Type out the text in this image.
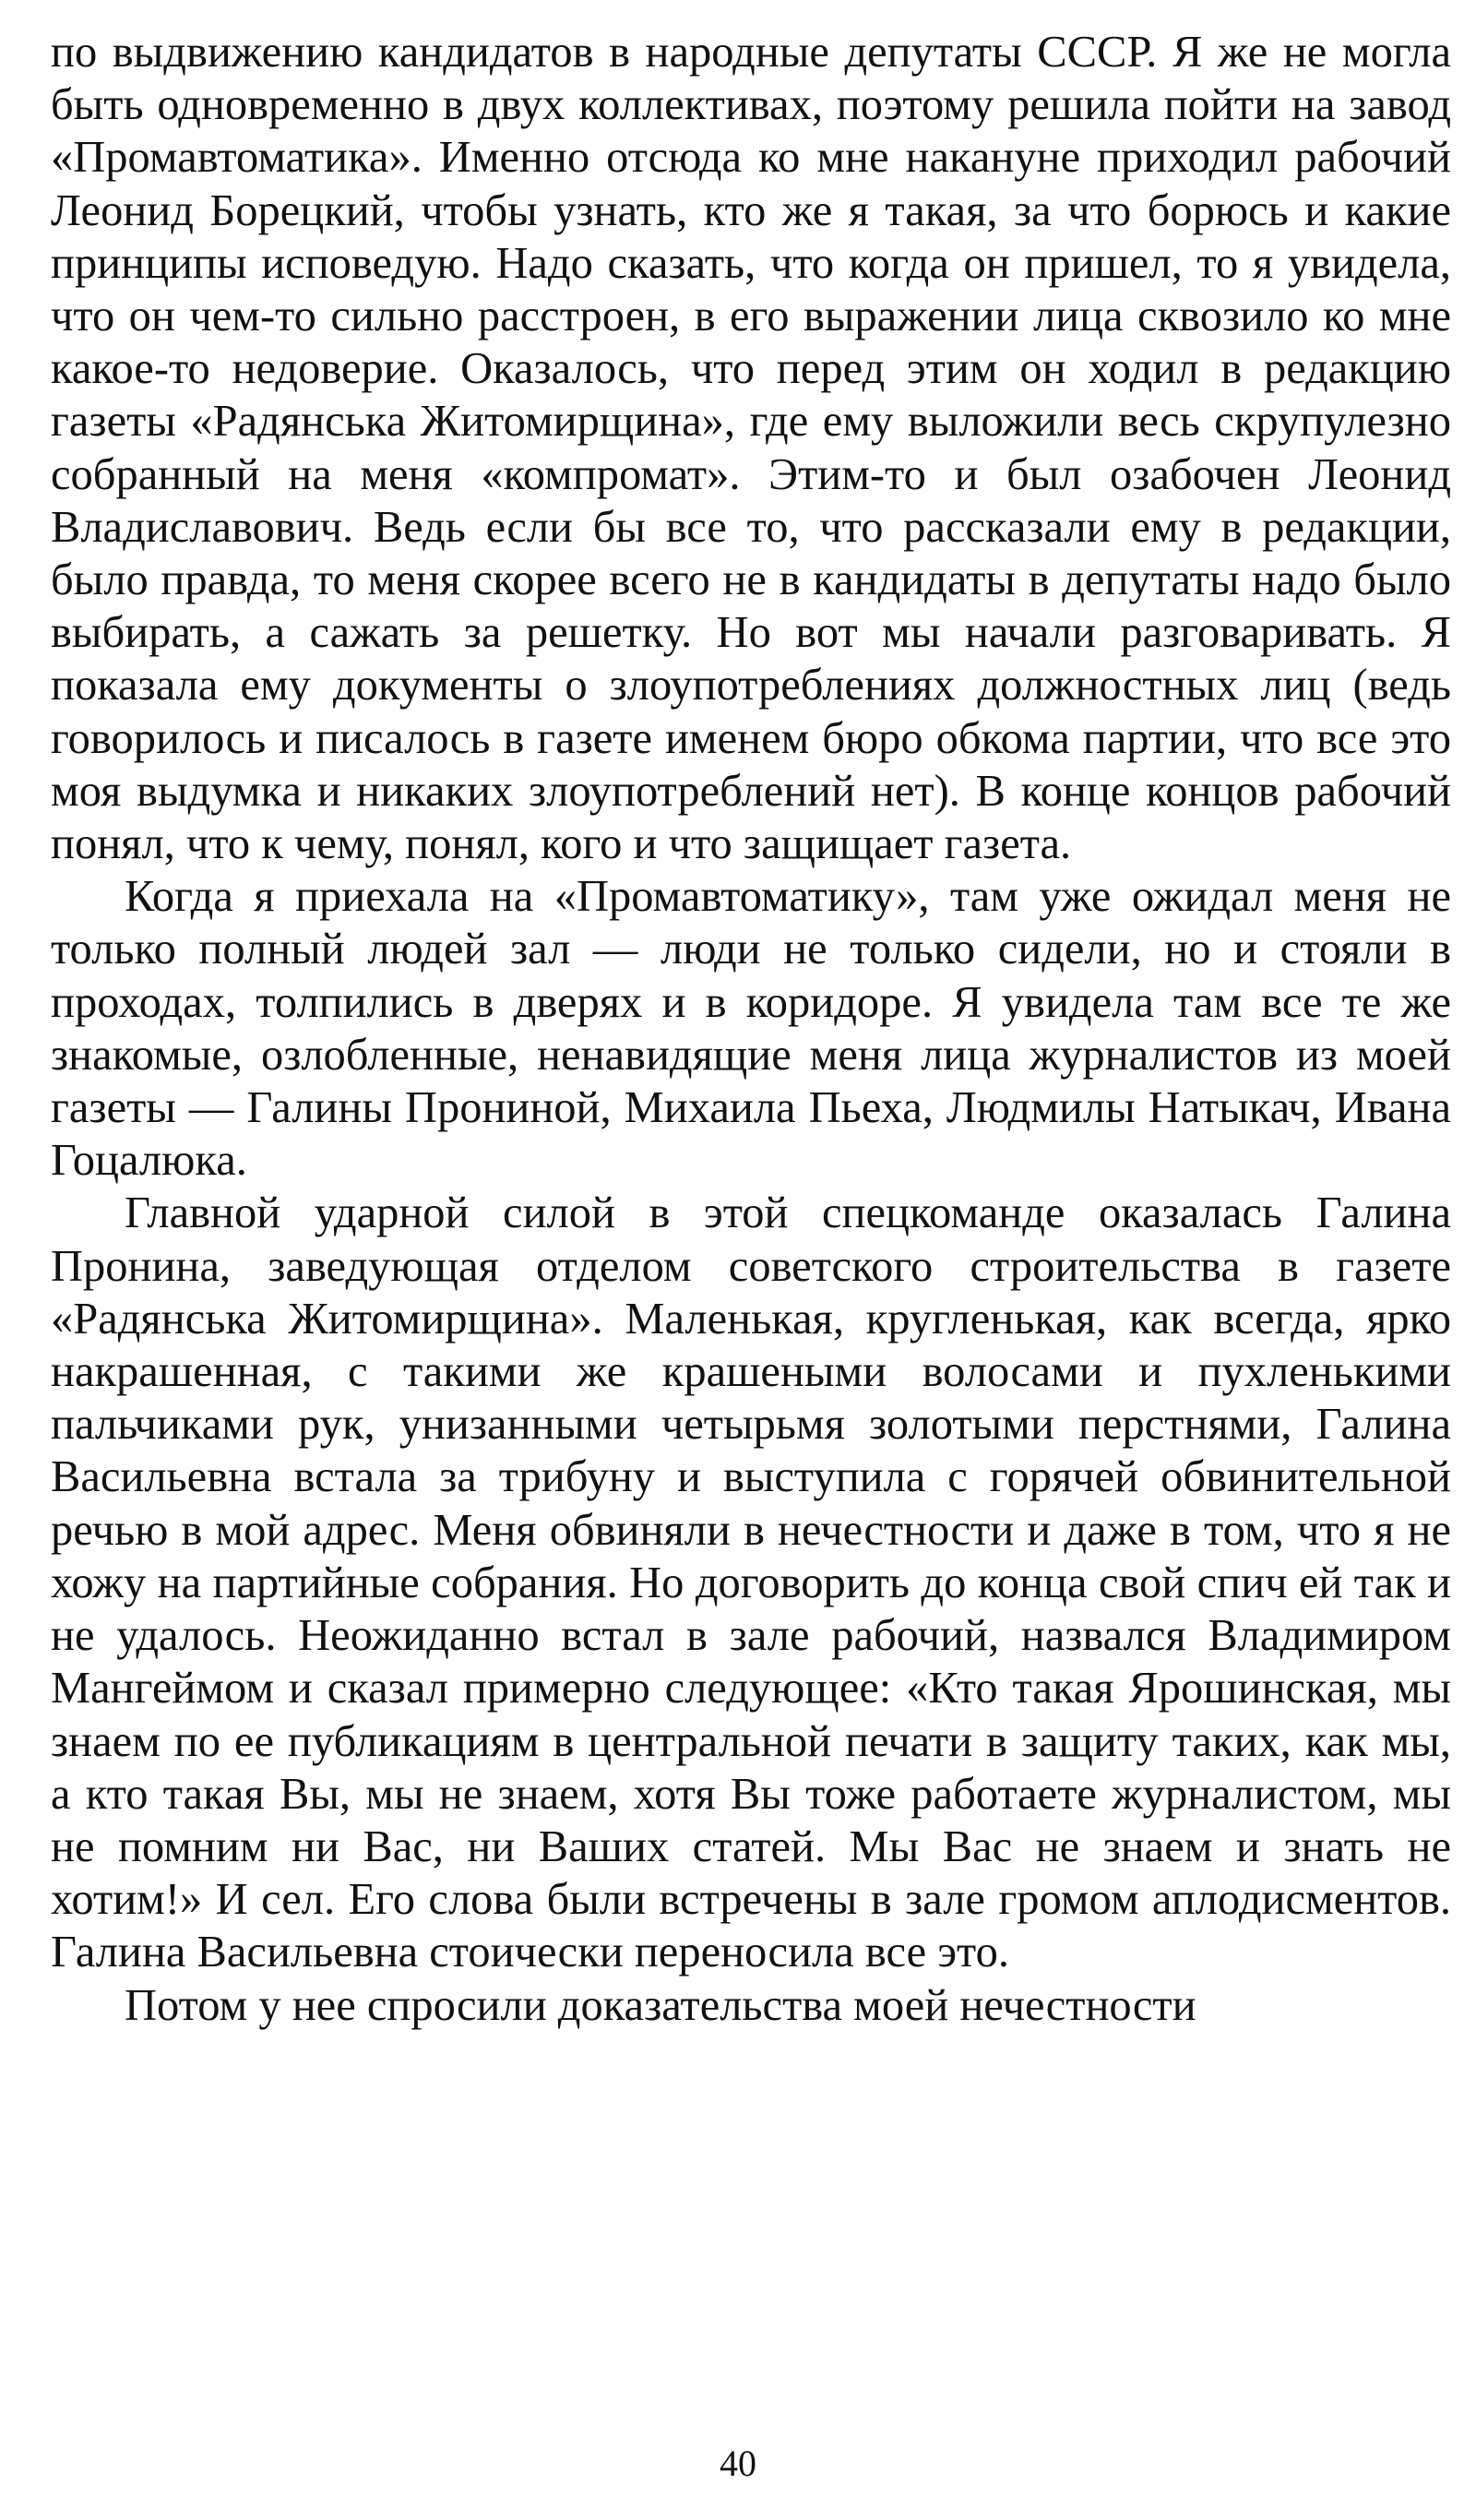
по выдвижению кандидатов в народные депутаты СССР. Я же не могла быть одновременно в двух коллективах, поэтому решила пойти на завод «Промавтоматика». Именно отсюда ко мне накануне приходил рабочий Леонид Борецкий, чтобы узнать, кто же я такая, за что борюсь и какие принципы исповедую. Надо сказать, что когда он пришел, то я увидела, что он чем-то сильно расстроен, в его выражении лица сквозило ко мне какое-то недоверие. Оказалось, что перед этим он ходил в редакцию газеты «Радянська Житомирщина», где ему выложили весь скрупулезно собранный на меня «компромат». Этим-то и был озабочен Леонид Владиславович. Ведь если бы все то, что рассказали ему в редакции, было правда, то меня скорее всего не в кандидаты в депутаты надо было выбирать, а сажать за решетку. Но вот мы начали разговаривать. Я показала ему документы о злоупотреблениях должностных лиц (ведь говорилось и писалось в газете именем бюро обкома партии, что все это моя выдумка и никаких злоупотреблений нет). В конце концов рабочий понял, что к чему, понял, кого и что защищает газета.

Когда я приехала на «Промавтоматику», там уже ожидал меня не только полный людей зал — люди не только сидели, но и стояли в проходах, толпились в дверях и в коридоре. Я увидела там все те же знакомые, озлобленные, ненавидящие меня лица журналистов из моей газеты — Галины Прониной, Михаила Пьеха, Людмилы Натыкач, Ивана Гоцалюка.

Главной ударной силой в этой спецкоманде оказалась Галина Пронина, заведующая отделом советского строительства в газете «Радянська Житомирщина». Маленькая, кругленькая, как всегда, ярко накрашенная, с такими же крашеными волосами и пухленькими пальчиками рук, унизанными четырьмя золотыми перстнями, Галина Васильевна встала за трибуну и выступила с горячей обвинительной речью в мой адрес. Меня обвиняли в нечестности и даже в том, что я не хожу на партийные собрания. Но договорить до конца свой спич ей так и не удалось. Неожиданно встал в зале рабочий, назвался Владимиром Мангеймом и сказал примерно следующее: «Кто такая Ярошинская, мы знаем по ее публикациям в центральной печати в защиту таких, как мы, а кто такая Вы, мы не знаем, хотя Вы тоже работаете журналистом, мы не помним ни Вас, ни Ваших статей. Мы Вас не знаем и знать не хотим!» И сел. Его слова были встречены в зале громом аплодисментов. Галина Васильевна стоически переносила все это.

Потом у нее спросили доказательства моей нечестности

40
